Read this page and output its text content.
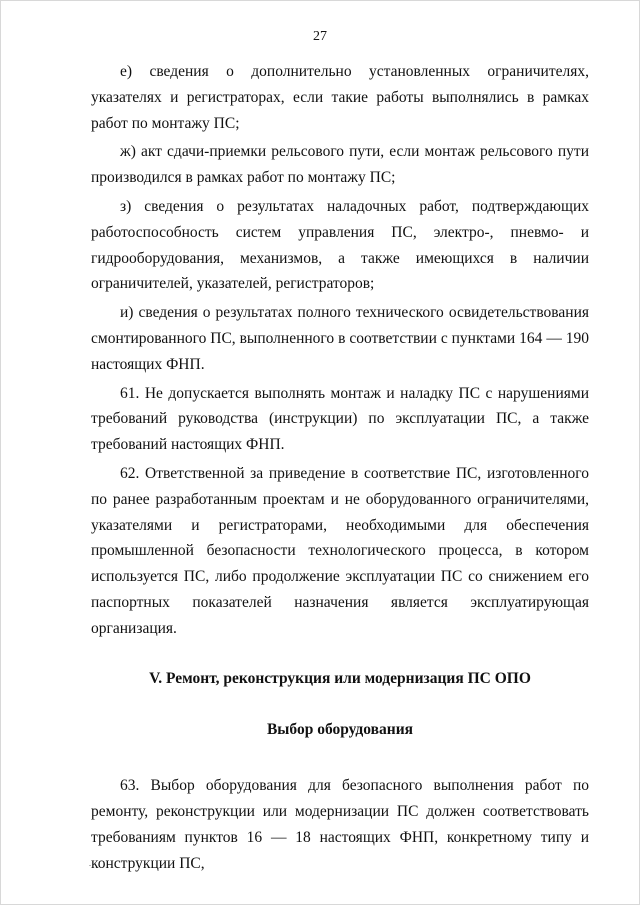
27

е) сведения о дополнительно установленных ограничителях, указателях и регистраторах, если такие работы выполнялись в рамках работ по монтажу ПС;

ж) акт сдачи-приемки рельсового пути, если монтаж рельсового пути производился в рамках работ по монтажу ПС;

з) сведения о результатах наладочных работ, подтверждающих работоспособность систем управления ПС, электро-, пневмо- и гидрооборудования, механизмов, а также имеющихся в наличии ограничителей, указателей, регистраторов;

и) сведения о результатах полного технического освидетельствования смонтированного ПС, выполненного в соответствии с пунктами 164 — 190 настоящих ФНП.

61. Не допускается выполнять монтаж и наладку ПС с нарушениями требований руководства (инструкции) по эксплуатации ПС, а также требований настоящих ФНП.

62. Ответственной за приведение в соответствие ПС, изготовленного по ранее разработанным проектам и не оборудованного ограничителями, указателями и регистраторами, необходимыми для обеспечения промышленной безопасности технологического процесса, в котором используется ПС, либо продолжение эксплуатации ПС со снижением его паспортных показателей назначения является эксплуатирующая организация.

V. Ремонт, реконструкция или модернизация ПС ОПО

Выбор оборудования

63. Выбор оборудования для безопасного выполнения работ по ремонту, реконструкции или модернизации ПС должен соответствовать требованиям пунктов 16 — 18 настоящих ФНП, конкретному типу и конструкции ПС,
